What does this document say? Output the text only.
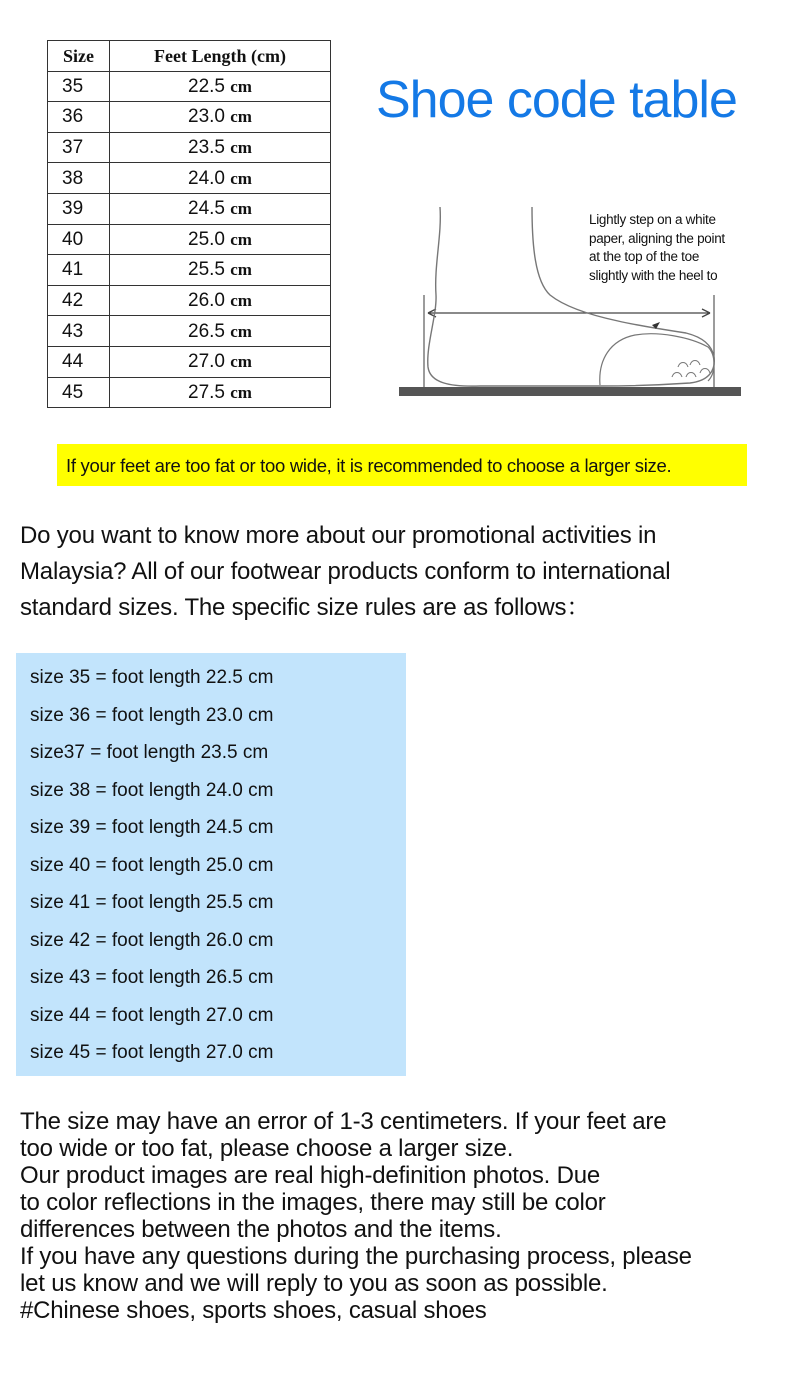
Size	Feet Length (cm)
35	22.5 cm
36	23.0 cm
37	23.5 cm
38	24.0 cm
39	24.5 cm
40	25.0 cm
41	25.5 cm
42	26.0 cm
43	26.5 cm
44	27.0 cm
45	27.5 cm
Shoe code table
Lightly step on a white
paper, aligning the point
at the top of the toe
slightly with the heel to
If your feet are too fat or too wide, it is recommended to choose a larger size.
Do you want to know more about our promotional activities in
Malaysia? All of our footwear products conform to international
standard sizes. The specific size rules are as follows：
size 35 = foot length 22.5 cm
size 36 = foot length 23.0 cm
size37 = foot length 23.5 cm
size 38 = foot length 24.0 cm
size 39 = foot length 24.5 cm
size 40 = foot length 25.0 cm
size 41 = foot length 25.5 cm
size 42 = foot length 26.0 cm
size 43 = foot length 26.5 cm
size 44 = foot length 27.0 cm
size 45 = foot length 27.0 cm
The size may have an error of 1-3 centimeters. If your feet are
too wide or too fat, please choose a larger size.
Our product images are real high-definition photos. Due
to color reflections in the images, there may still be color
differences between the photos and the items.
If you have any questions during the purchasing process, please
let us know and we will reply to you as soon as possible.
#Chinese shoes, sports shoes, casual shoes
